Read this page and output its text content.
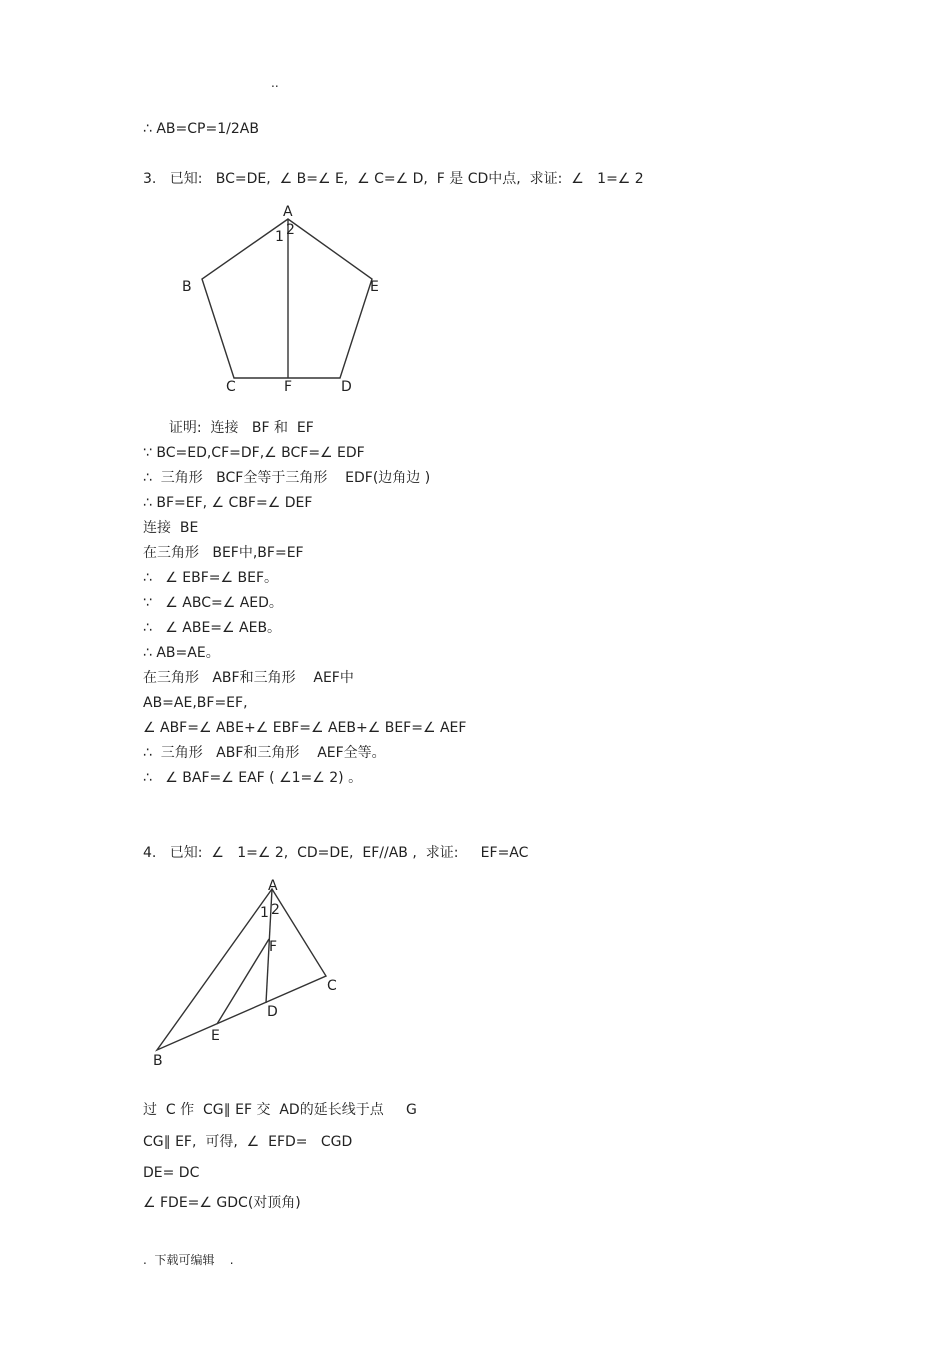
..
∴ AB=CP=1/2AB
3.   已知:   BC=DE,  ∠ B=∠ E,  ∠ C=∠ D,  F 是 CD中点,  求证:  ∠   1=∠ 2
A
B	E
C	F	D
1 2
证明:  连接   BF 和  EF
∵ BC=ED,CF=DF,∠ BCF=∠ EDF
∴  三角形   BCF全等于三角形    EDF(边角边 )
∴ BF=EF, ∠ CBF=∠ DEF
连接  BE
在三角形   BEF中,BF=EF
∴   ∠ EBF=∠ BEF。
∵   ∠ ABC=∠ AED。
∴   ∠ ABE=∠ AEB。
∴ AB=AE。
在三角形   ABF和三角形    AEF中
AB=AE,BF=EF,
∠ ABF=∠ ABE+∠ EBF=∠ AEB+∠ BEF=∠ AEF
∴  三角形   ABF和三角形    AEF全等。
∴   ∠ BAF=∠ EAF ( ∠1=∠ 2) 。
4.   已知:  ∠   1=∠ 2,  CD=DE,  EF//AB ,  求证:     EF=AC
A
B
C
D
E
F
1 2
过  C 作  CG∥ EF 交  AD的延长线于点     G
CG∥ EF,  可得,  ∠  EFD=   CGD
DE= DC
∠ FDE=∠ GDC(对顶角)
.  下载可编辑    .
